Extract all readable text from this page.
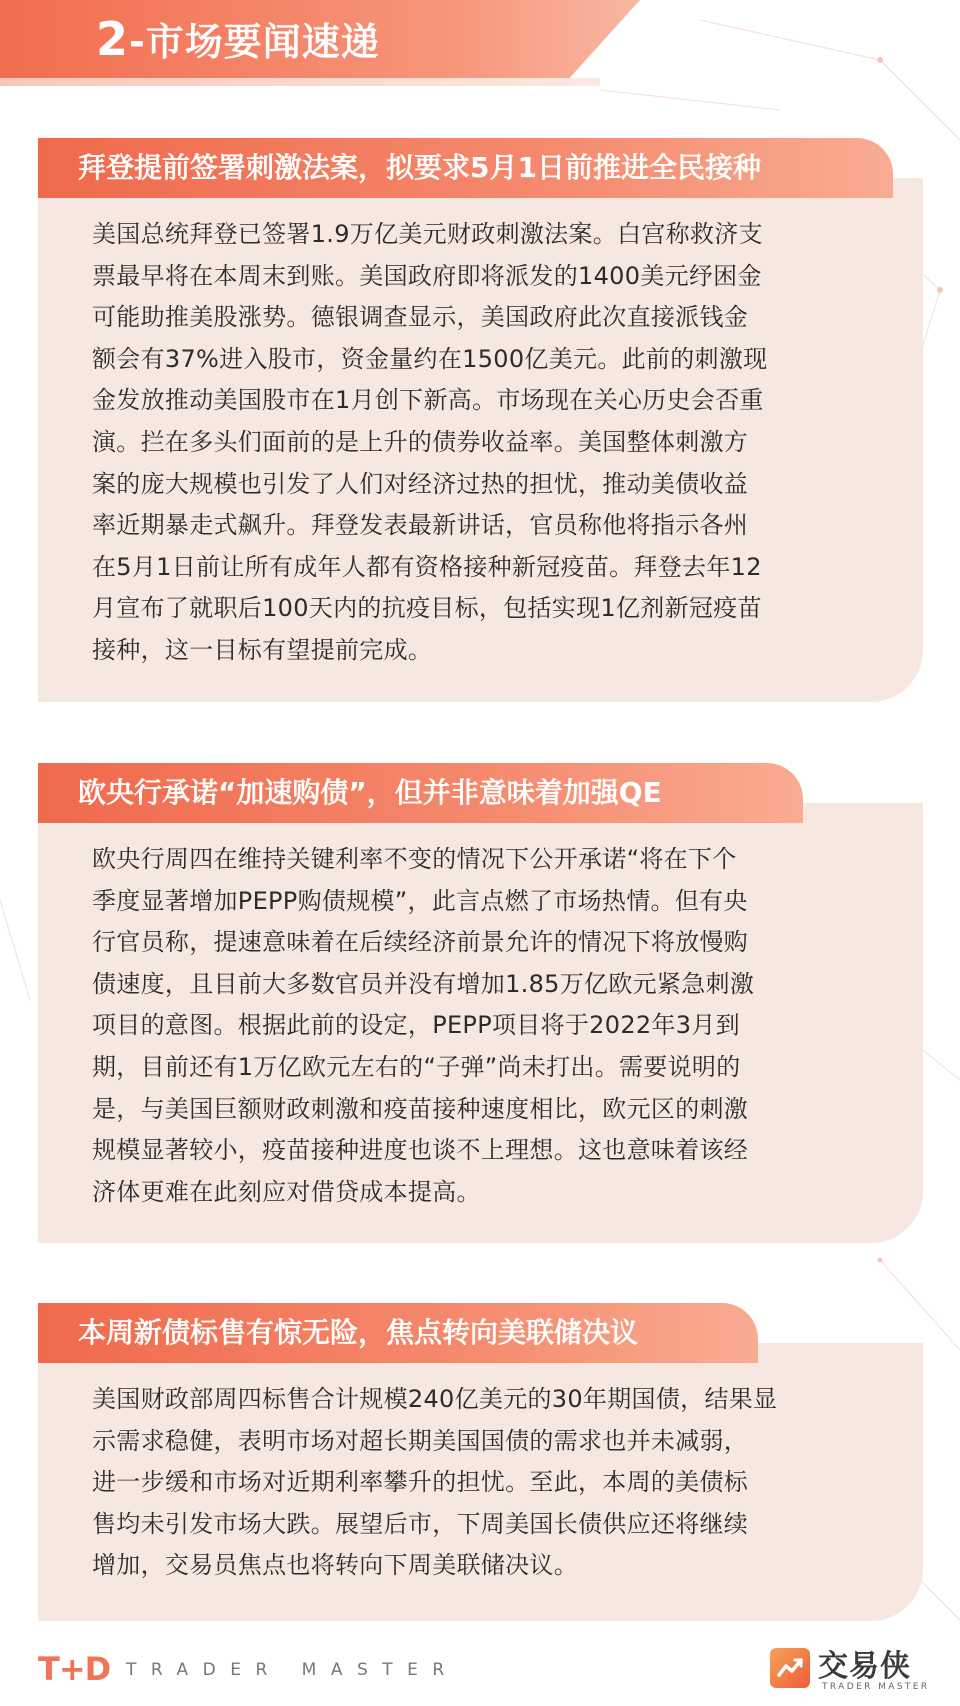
2-市场要闻速递
拜登提前签署刺激法案，拟要求5月1日前推进全民接种
美国总统拜登已签署1.9万亿美元财政刺激法案。白宫称救济支
票最早将在本周末到账。美国政府即将派发的1400美元纾困金
可能助推美股涨势。德银调查显示，美国政府此次直接派钱金
额会有37%进入股市，资金量约在1500亿美元。此前的刺激现
金发放推动美国股市在1月创下新高。市场现在关心历史会否重
演。拦在多头们面前的是上升的债券收益率。美国整体刺激方
案的庞大规模也引发了人们对经济过热的担忧，推动美债收益
率近期暴走式飙升。拜登发表最新讲话，官员称他将指示各州
在5月1日前让所有成年人都有资格接种新冠疫苗。拜登去年12
月宣布了就职后100天内的抗疫目标，包括实现1亿剂新冠疫苗
接种，这一目标有望提前完成。
欧央行承诺“加速购债”，但并非意味着加强QE
欧央行周四在维持关键利率不变的情况下公开承诺“将在下个
季度显著增加PEPP购债规模”，此言点燃了市场热情。但有央
行官员称，提速意味着在后续经济前景允许的情况下将放慢购
债速度，且目前大多数官员并没有增加1.85万亿欧元紧急刺激
项目的意图。根据此前的设定，PEPP项目将于2022年3月到
期，目前还有1万亿欧元左右的“子弹”尚未打出。需要说明的
是，与美国巨额财政刺激和疫苗接种速度相比，欧元区的刺激
规模显著较小，疫苗接种进度也谈不上理想。这也意味着该经
济体更难在此刻应对借贷成本提高。
本周新债标售有惊无险，焦点转向美联储决议
美国财政部周四标售合计规模240亿美元的30年期国债，结果显
示需求稳健，表明市场对超长期美国国债的需求也并未减弱，
进一步缓和市场对近期利率攀升的担忧。至此，本周的美债标
售均未引发市场大跌。展望后市，下周美国长债供应还将继续
增加，交易员焦点也将转向下周美联储决议。
T+D TRADER MASTER	交易侠
TRADER MASTER
